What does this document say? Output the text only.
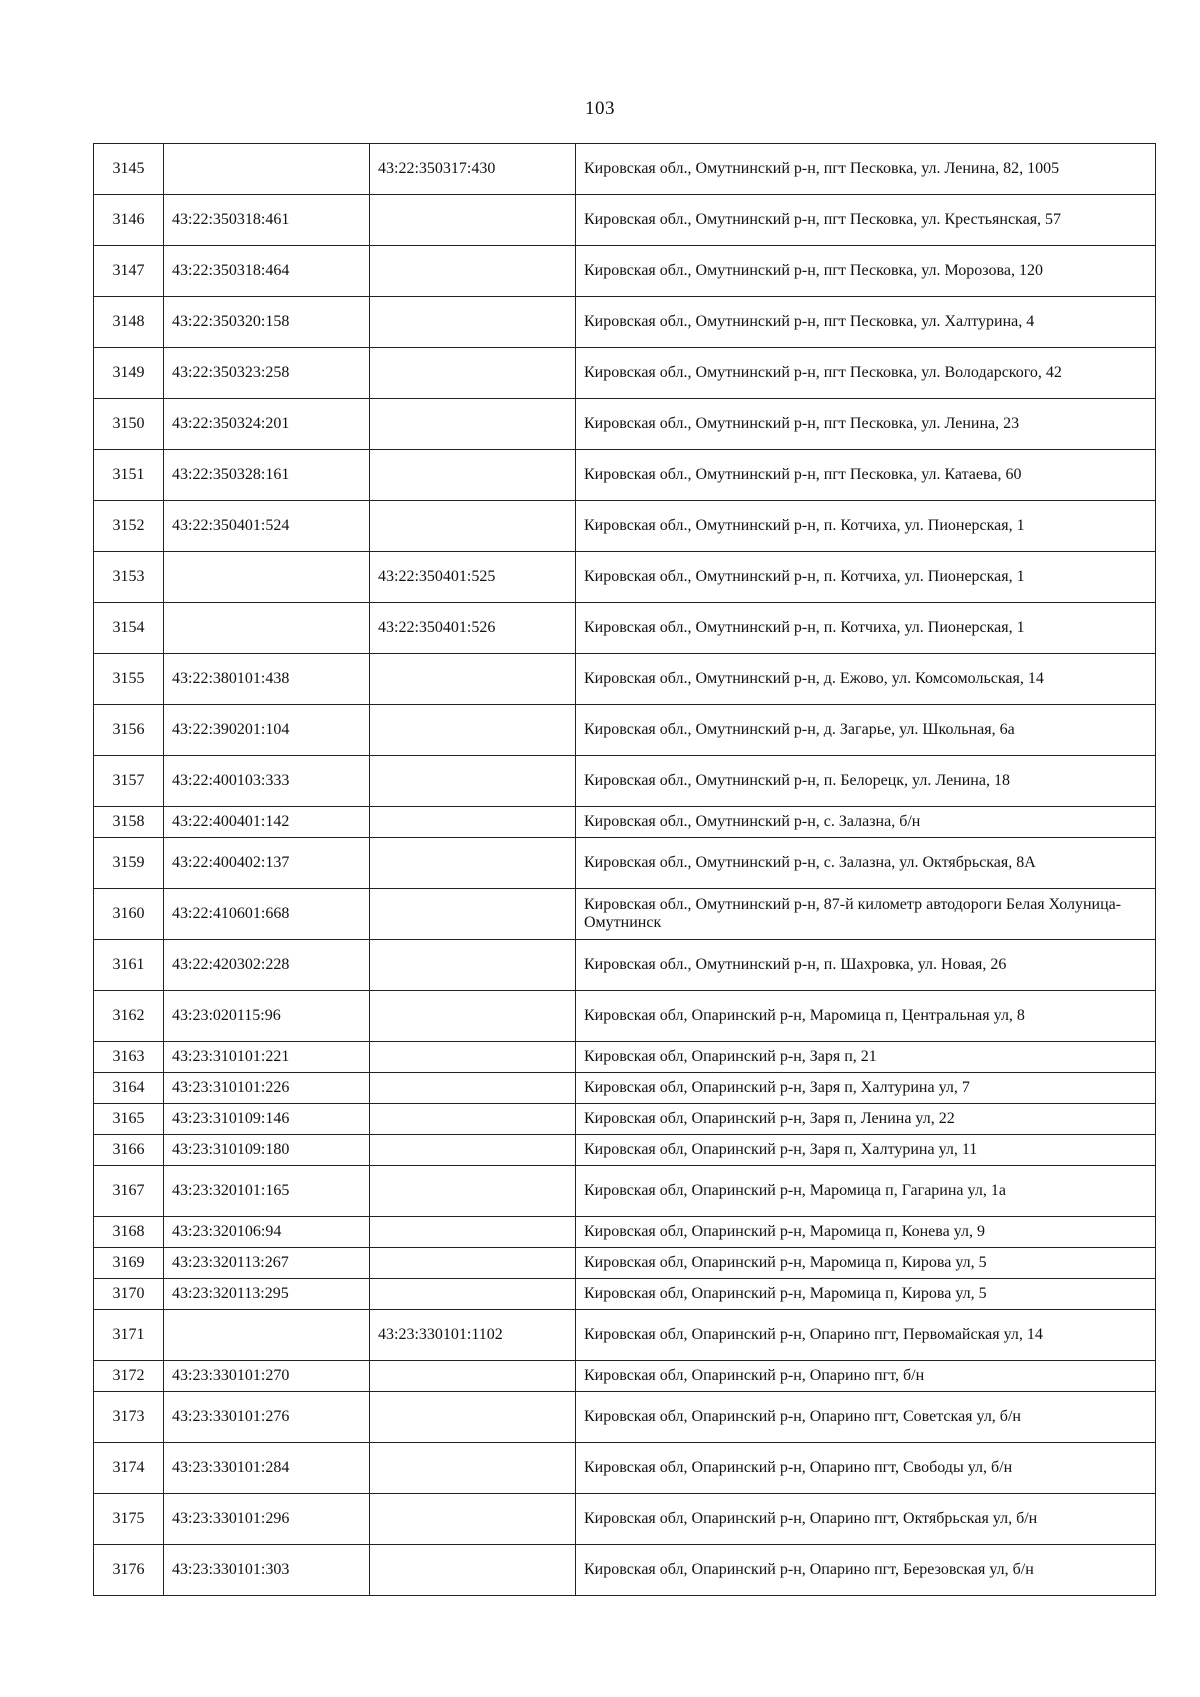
103
3145		43:22:350317:430	Кировская обл., Омутнинский р-н, пгт Песковка, ул. Ленина, 82, 1005
3146	43:22:350318:461		Кировская обл., Омутнинский р-н, пгт Песковка, ул. Крестьянская, 57
3147	43:22:350318:464		Кировская обл., Омутнинский р-н, пгт Песковка, ул. Морозова, 120
3148	43:22:350320:158		Кировская обл., Омутнинский р-н, пгт Песковка, ул. Халтурина, 4
3149	43:22:350323:258		Кировская обл., Омутнинский р-н, пгт Песковка, ул. Володарского, 42
3150	43:22:350324:201		Кировская обл., Омутнинский р-н, пгт Песковка, ул. Ленина, 23
3151	43:22:350328:161		Кировская обл., Омутнинский р-н, пгт Песковка, ул. Катаева, 60
3152	43:22:350401:524		Кировская обл., Омутнинский р-н, п. Котчиха, ул. Пионерская, 1
3153		43:22:350401:525	Кировская обл., Омутнинский р-н, п. Котчиха, ул. Пионерская, 1
3154		43:22:350401:526	Кировская обл., Омутнинский р-н, п. Котчиха, ул. Пионерская, 1
3155	43:22:380101:438		Кировская обл., Омутнинский р-н, д. Ежово, ул. Комсомольская, 14
3156	43:22:390201:104		Кировская обл., Омутнинский р-н, д. Загарье, ул. Школьная, 6а
3157	43:22:400103:333		Кировская обл., Омутнинский р-н, п. Белорецк, ул. Ленина, 18
3158	43:22:400401:142		Кировская обл., Омутнинский р-н, с. Залазна, б/н
3159	43:22:400402:137		Кировская обл., Омутнинский р-н, с. Залазна, ул. Октябрьская, 8А
3160	43:22:410601:668		Кировская обл., Омутнинский р-н, 87-й километр автодороги Белая Холуница-Омутнинск
3161	43:22:420302:228		Кировская обл., Омутнинский р-н, п. Шахровка, ул. Новая, 26
3162	43:23:020115:96		Кировская обл, Опаринский р-н, Маромица п, Центральная ул, 8
3163	43:23:310101:221		Кировская обл, Опаринский р-н, Заря п, 21
3164	43:23:310101:226		Кировская обл, Опаринский р-н, Заря п, Халтурина ул, 7
3165	43:23:310109:146		Кировская обл, Опаринский р-н, Заря п, Ленина ул, 22
3166	43:23:310109:180		Кировская обл, Опаринский р-н, Заря п, Халтурина ул, 11
3167	43:23:320101:165		Кировская обл, Опаринский р-н, Маромица п, Гагарина ул, 1а
3168	43:23:320106:94		Кировская обл, Опаринский р-н, Маромица п, Конева ул, 9
3169	43:23:320113:267		Кировская обл, Опаринский р-н, Маромица п, Кирова ул, 5
3170	43:23:320113:295		Кировская обл, Опаринский р-н, Маромица п, Кирова ул, 5
3171		43:23:330101:1102	Кировская обл, Опаринский р-н, Опарино пгт, Первомайская ул, 14
3172	43:23:330101:270		Кировская обл, Опаринский р-н, Опарино пгт, б/н
3173	43:23:330101:276		Кировская обл, Опаринский р-н, Опарино пгт, Советская ул, б/н
3174	43:23:330101:284		Кировская обл, Опаринский р-н, Опарино пгт, Свободы ул, б/н
3175	43:23:330101:296		Кировская обл, Опаринский р-н, Опарино пгт, Октябрьская ул, б/н
3176	43:23:330101:303		Кировская обл, Опаринский р-н, Опарино пгт, Березовская ул, б/н
